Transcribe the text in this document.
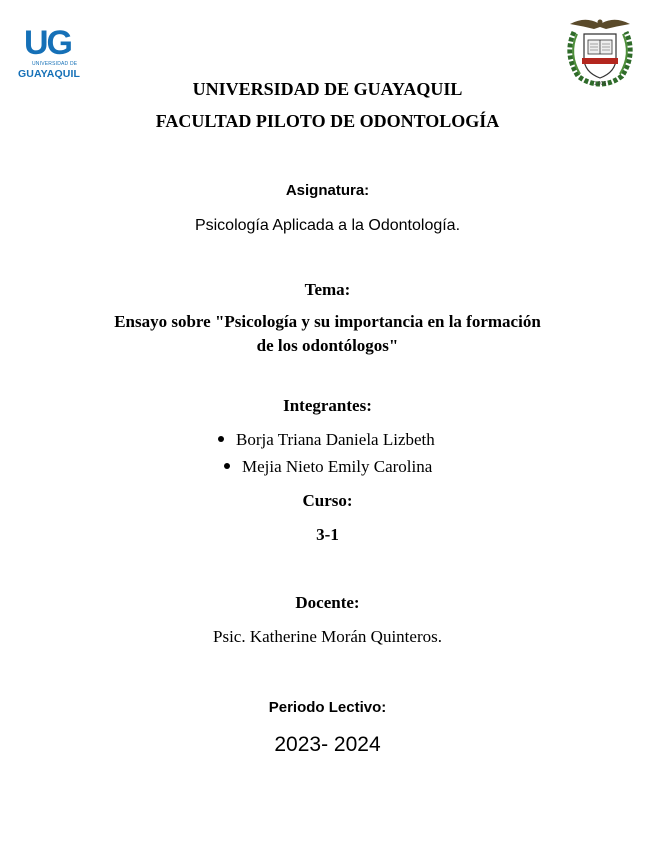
UG
UNIVERSIDAD DE
GUAYAQUIL
1.916
UNIVERSIDAD DE GUAYAQUIL
FACULTAD PILOTO DE ODONTOLOGÍA
Asignatura:
Psicología Aplicada a la Odontología.
Tema:
Ensayo sobre "Psicología y su importancia en la formación
de los odontólogos"
Integrantes:
Borja Triana Daniela Lizbeth
Mejia Nieto Emily Carolina
Curso:
3-1
Docente:
Psic. Katherine Morán Quinteros.
Periodo Lectivo:
2023- 2024
